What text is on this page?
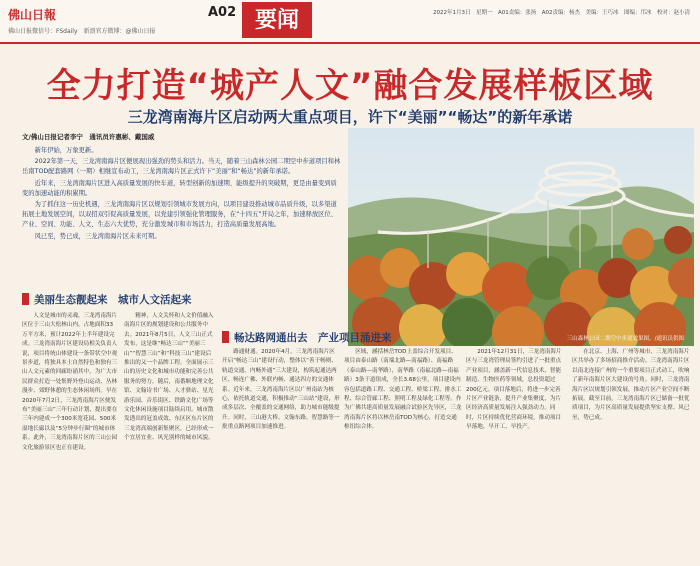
佛山日報	A02 要闻
佛山日报微信号：FSdaily　新浪官方微博：@佛山日报
2022年1月3日　星期一　A01责编：张扬　A02责编：杨杰　美编：王巧冰　图编：邝冰　校对：赵小清
全力打造“城产人文”融合发展样板区域
三龙湾南海片区启动两大重点项目，许下“美丽”“畅达”的新年承诺
文/佛山日报记者李宁　通讯员许惠彬、戴国威

新年伊始，万象更新。

2022年第一天，三龙湾南海片区便展现出强劲的势头和活力。当天，随着三山森林公园二期空中步道项目和林岳南TOD配套路网（一期）相继宣布动工，三龙湾南海片区正式许下“美丽”和“畅达”的新年承诺。

近年来，三龙湾南海片区进入高质量发展的快车道，转型创新的加速期、能级提升的突破期，更是由量变到质变的加速动能的积累期。

为了抓住这一历史机遇，三龙湾南海片区以规划引领城市发展方向，以项目建设推动城市品质升级，以多渠道拓展土地发展空间，以双招双引促高质量发展，以党建引领强化管理服务，在“十四五”开局之年，加速释放区位、产业、空间、功能、人文、生态六大优势，充分激发城市和市场活力，打造高质量发展高地。

风已至，势已成，三龙湾南海片区未来可期。

三山森林公园二期空中步道效果图。/通讯员供图
美丽生态靓起来　城市人文活起来

人文是城市的灵魂，三龙湾南海片区位于三山大松林山内，占地面积33万平方米，预计2022年上半年建设完成。三龙湾南海片区建设局相关负责人说，项目将统山体建设一条带状空中观景步道，将独具本土自然特色和独有三山人文元素的回廊纷涌其中，为广大市民群众打造一处集野外登山运动、丛林漫步、郊野休憩的生态休闲场所。早在2020年7月2日，三龙湾南海片区便发布“美丽三山”三年行动计划，提出要在三年内建成一个300米宽花园、500米湿地长廊以及“5分钟步行圈”的城市体系。此外，三龙湾南海片区的三山公园文化旅游景区也正在建设。

精神，人文关怀和人文价值融入南海片区的规划建设和公共服务中去。2021年8月5日，人文三山正式发布，这是继“畅达三山”“美丽三山”“智慧三山”和“科技三山”建设后推出的又一个品牌工程。全面展示三山的历史文化和城市功能和完善公共服务的努力。随后，南番顺地理文化馆、文翰诗书广场、人才驿站、星光游乐园、音乐街区、铁路文化广场等文化休闲设施项目陆续启用。城市散发透出的冠盖成效、东区区东片区的三龙湾高端创新集聚区，已经形成一个宜居宜业、风光别样的城市风貌。

畅达路网通出去　产业项目涌进来

路通财通。2020年4月，三龙湾南海片区开启“畅达三山”建设行动，整体以“善于畅则、轨道交通、内畅外通”三大建设，构筑起通达两区、畅连广佛、外联内畅、通达四方的交通体系。近年来，三龙湾南海片区以广州南站为核心，依托轨道交通，积极推动“三山站”建设，形成多层次、全覆盖的交通网络，助力城市能级提升。同时，三山港大桥、文翰东路、智慧路等一批重点路网项目加速推进。

区域，涵括林岳TOD上盖综合开发项目、项目由泰山路（南端北路—南福路）、南福路（泰山路—南华路），南华路（南福北路—南福路）3条干道组成，全长3.68公里，项目建设内容包括道路工程、交通工程、桥梁工程、排水工程、综合管廊工程、照明工程及绿化工程等。作为广佛共建高质量发展融合试验区先导区，三龙湾南海片区将以林岳南TOD为核心，打造交通枢纽综合体。

2021年12月31日，三龙湾南海片区与三龙湾管理局签约引进了一批重点产业项目，涵盖新一代信息技术、智能制造、生物医药等领域，总投资超过200亿元。项目落地后，将进一步完善片区产业链条，提升产业集聚度，为片区经济高质量发展注入强劲动力。同时，片区持续优化营商环境，推动项目早落地、早开工、早投产。

在北京、上海、广州等城市，三龙湾南海片区共举办了多场招商推介活动。三龙湾南海片区以南北连接广州的一个重要项目正式动工，吹响了新年南海片区大建设的号角。同时，三龙湾南海片区以规划引领发展，推动片区产业空间不断拓展。截至目前，三龙湾南海片区已储备一批优质项目，为片区高质量发展提供坚实支撑。风已至，势已成。
